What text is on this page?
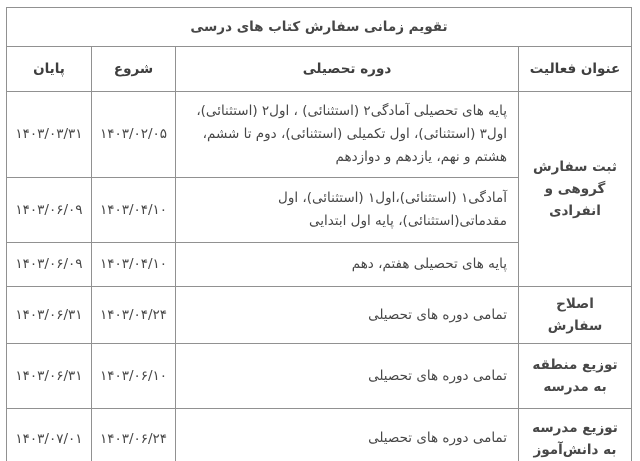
تقویم زمانی سفارش کتاب های درسی			
عنوان فعالیت	دوره تحصیلی	شروع	پایان
ثبت سفارش گروهی و انفرادی	پایه های تحصیلی آمادگی۲ (استثنائی) ، اول۲ (استثنائی)، اول۳ (استثنائی)، اول تکمیلی (استثنائی)، دوم تا ششم، هشتم و نهم، یازدهم و دوازدهم	۱۴۰۳/۰۲/۰۵	۱۴۰۳/۰۳/۳۱
	آمادگی۱ (استثنائی)،اول۱ (استثنائی)، اول مقدماتی(استثنائی)، پایه اول ابتدایی	۱۴۰۳/۰۴/۱۰	۱۴۰۳/۰۶/۰۹
	پایه های تحصیلی هفتم، دهم	۱۴۰۳/۰۴/۱۰	۱۴۰۳/۰۶/۰۹
اصلاح سفارش	تمامی دوره های تحصیلی	۱۴۰۳/۰۴/۲۴	۱۴۰۳/۰۶/۳۱
توزیع منطقه به مدرسه	تمامی دوره های تحصیلی	۱۴۰۳/۰۶/۱۰	۱۴۰۳/۰۶/۳۱
توزیع مدرسه به دانش‌آموز	تمامی دوره های تحصیلی	۱۴۰۳/۰۶/۲۴	۱۴۰۳/۰۷/۰۱
